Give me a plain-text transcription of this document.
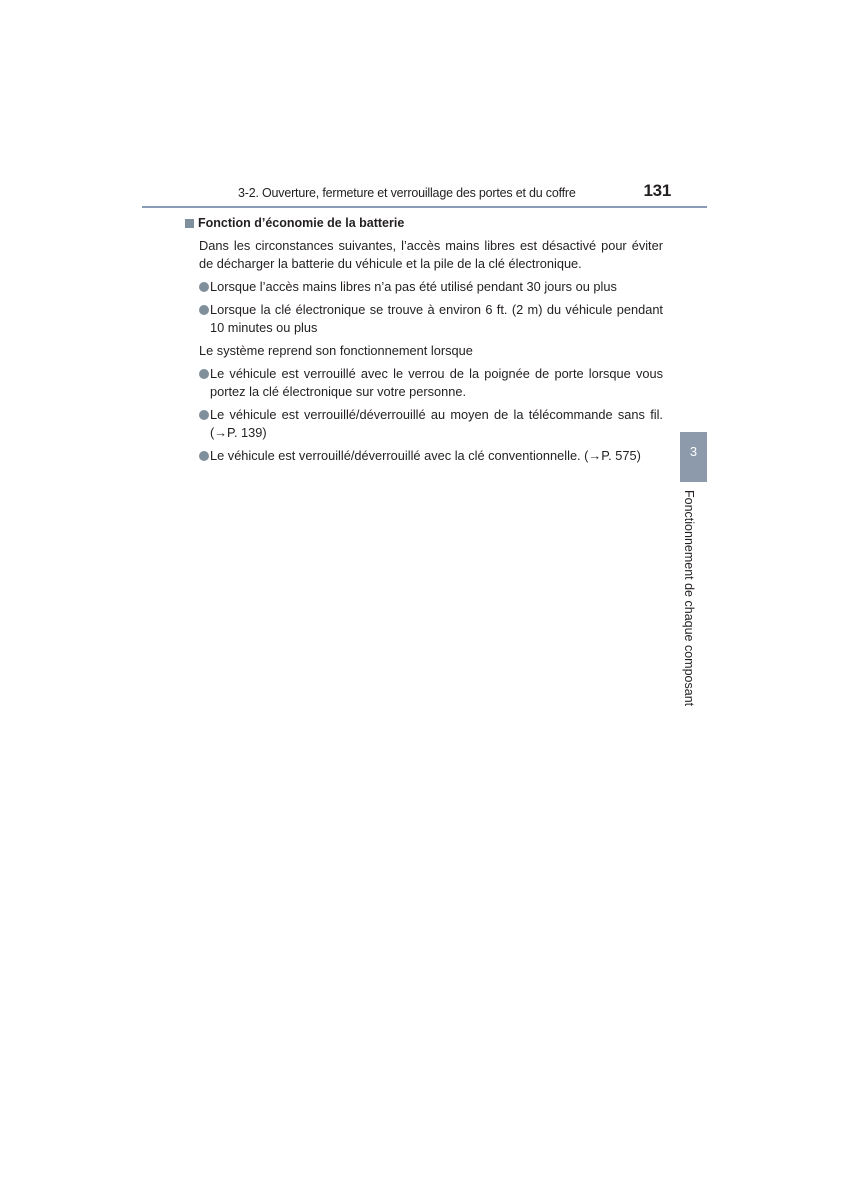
3-2. Ouverture, fermeture et verrouillage des portes et du coffre	131
Fonction d’économie de la batterie

Dans les circonstances suivantes, l’accès mains libres est désactivé pour éviter de décharger la batterie du véhicule et la pile de la clé électronique.

Lorsque l’accès mains libres n’a pas été utilisé pendant 30 jours ou plus
Lorsque la clé électronique se trouve à environ 6 ft. (2 m) du véhicule pendant 10 minutes ou plus

Le système reprend son fonctionnement lorsque

Le véhicule est verrouillé avec le verrou de la poignée de porte lorsque vous portez la clé électronique sur votre personne.
Le véhicule est verrouillé/déverrouillé au moyen de la télécommande sans fil. (→P. 139)
Le véhicule est verrouillé/déverrouillé avec la clé conventionnelle. (→P. 575)	3
Fonctionnement de chaque composant
